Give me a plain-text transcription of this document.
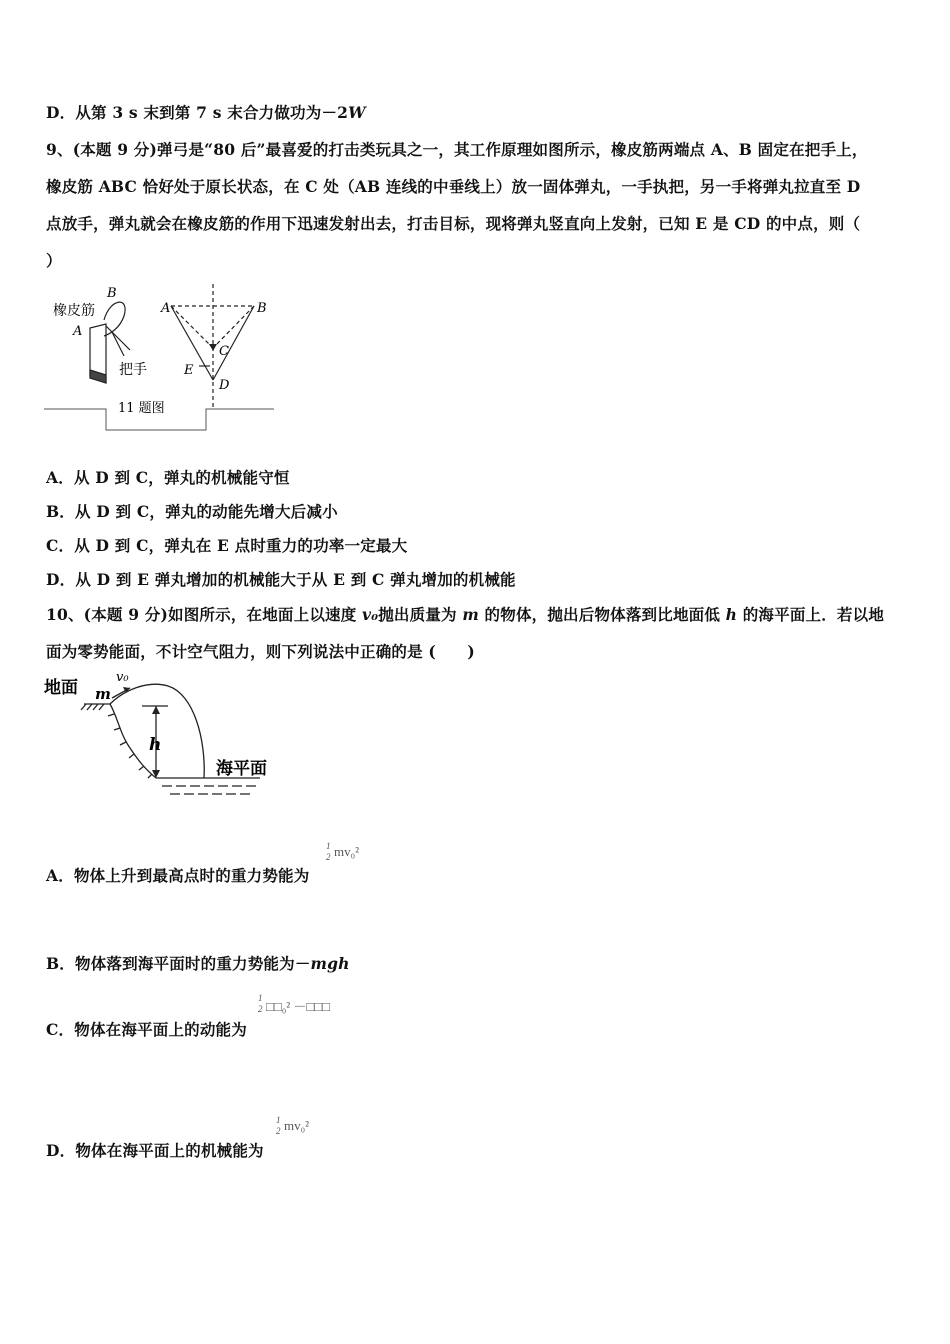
D．从第 3 s 末到第 7 s 末合力做功为－2W
9、(本题 9 分)弹弓是“80 后”最喜爱的打击类玩具之一，其工作原理如图所示，橡皮筋两端点 A、B 固定在把手上，
橡皮筋 ABC 恰好处于原长状态，在 C 处（AB 连线的中垂线上）放一固体弹丸，一手执把，另一手将弹丸拉直至 D
点放手，弹丸就会在橡皮筋的作用下迅速发射出去，打击目标，现将弹丸竖直向上发射，已知 E 是 CD 的中点，则（
）
橡皮筋
B
A
把手
A	B
C
E
D
11 题图
A．从 D 到 C，弹丸的机械能守恒
B．从 D 到 C，弹丸的动能先增大后减小
C．从 D 到 C，弹丸在 E 点时重力的功率一定最大
D．从 D 到 E 弹丸增加的机械能大于从 E 到 C 弹丸增加的机械能
10、(本题 9 分)如图所示，在地面上以速度 v₀抛出质量为 m 的物体，抛出后物体落到比地面低 h 的海平面上．若以地
面为零势能面，不计空气阻力，则下列说法中正确的是 (　　)
地面 m
v₀
h
海平面
A．物体上升到最高点时的重力势能为
1
2 mv₀²
B．物体落到海平面时的重力势能为－mgh
C．物体在海平面上的动能为
1
2 □□₀² －□□□
D．物体在海平面上的机械能为
1
2 mv₀²
